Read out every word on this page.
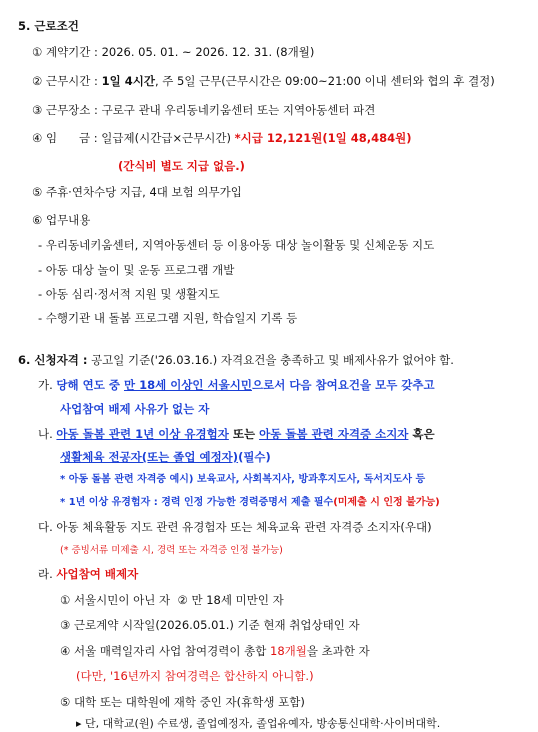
5. 근로조건
① 계약기간 : 2026. 05. 01. ~ 2026. 12. 31. (8개월)
② 근무시간 : 1일 4시간, 주 5일 근무(근무시간은 09:00~21:00 이내 센터와 협의 후 결정)
③ 근무장소 : 구로구 관내 우리동네키움센터 또는 지역아동센터 파견
④ 임      금 : 일급제(시간급×근무시간) *시급 12,121원(1일 48,484원)
(간식비 별도 지급 없음.)
⑤ 주휴·연차수당 지급, 4대 보험 의무가입
⑥ 업무내용
- 우리동네키움센터, 지역아동센터 등 이용아동 대상 놀이활동 및 신체운동 지도
- 아동 대상 놀이 및 운동 프로그램 개발
- 아동 심리·정서적 지원 및 생활지도
- 수행기관 내 돌봄 프로그램 지원, 학습일지 기록 등
6. 신청자격 : 공고일 기준('26.03.16.) 자격요건을 충족하고 및 배제사유가 없어야 함.
가. 당해 연도 중 만 18세 이상인 서울시민으로서 다음 참여요건을 모두 갖추고
사업참여 배제 사유가 없는 자
나. 아동 돌봄 관련 1년 이상 유경험자 또는 아동 돌봄 관련 자격증 소지자 혹은
생활체육 전공자(또는 졸업 예정자)(필수)
* 아동 돌봄 관련 자격증 예시) 보육교사, 사회복지사, 방과후지도사, 독서지도사 등
* 1년 이상 유경험자 : 경력 인정 가능한 경력증명서 제출 필수(미제출 시 인정 불가능)
다. 아동 체육활동 지도 관련 유경험자 또는 체육교육 관련 자격증 소지자(우대)
(* 증빙서류 미제출 시, 경력 또는 자격증 인정 불가능)
라. 사업참여 배제자
① 서울시민이 아닌 자 ② 만 18세 미만인 자
③ 근로계약 시작일(2026.05.01.) 기준 현재 취업상태인 자
④ 서울 매력일자리 사업 참여경력이 총합 18개월을 초과한 자
(다만, '16년까지 참여경력은 합산하지 아니함.)
⑤ 대학 또는 대학원에 재학 중인 자(휴학생 포함)
▸ 단, 대학교(원) 수료생, 졸업예정자, 졸업유예자, 방송통신대학·사이버대학.
